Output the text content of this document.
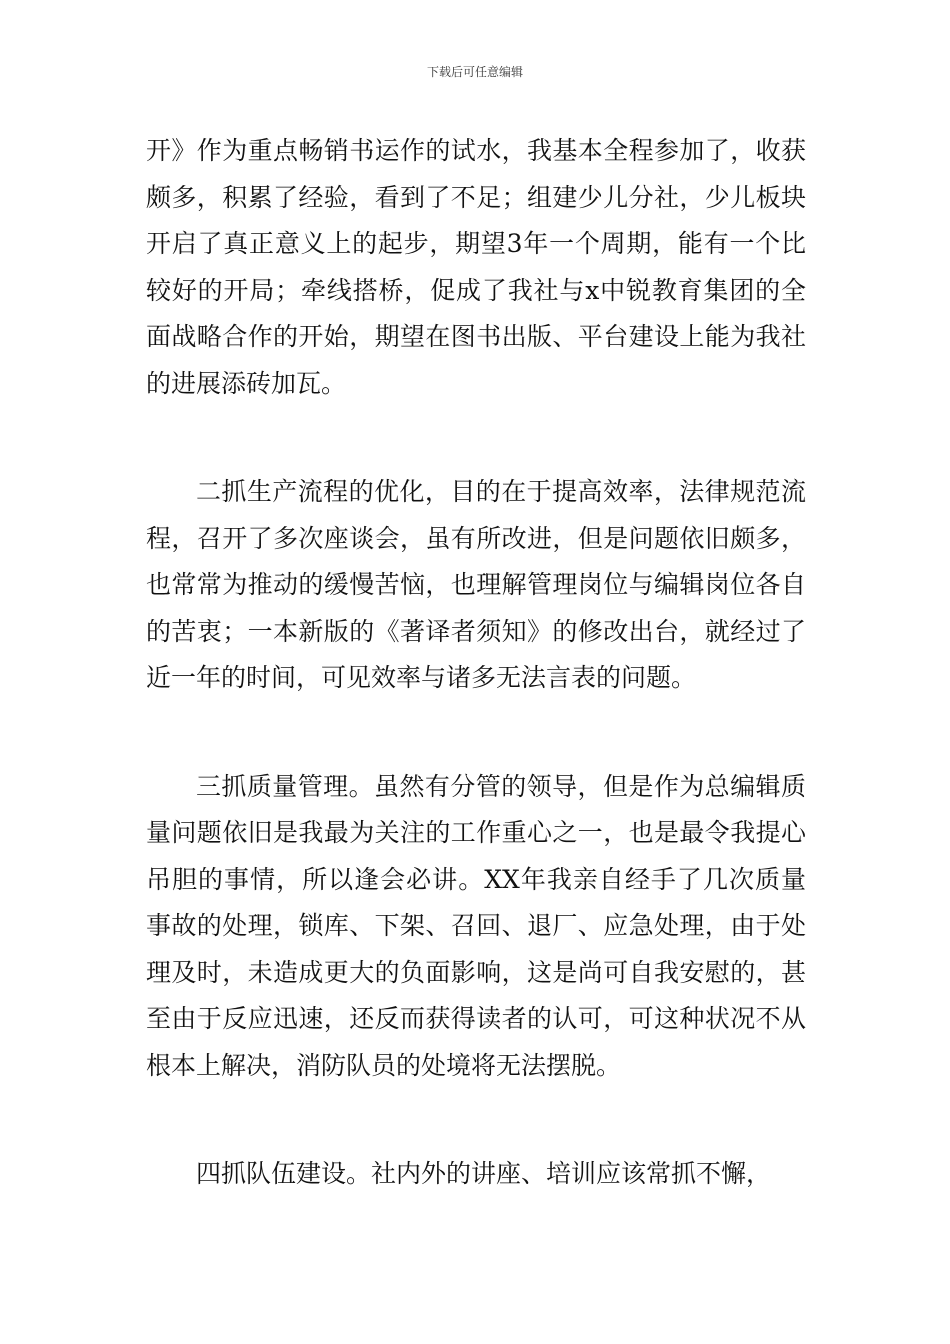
下载后可任意编辑

开》作为重点畅销书运作的试水，我基本全程参加了，收获颇多，积累了经验，看到了不足；组建少儿分社，少儿板块开启了真正意义上的起步，期望3年一个周期，能有一个比较好的开局；牵线搭桥，促成了我社与x中锐教育集团的全面战略合作的开始，期望在图书出版、平台建设上能为我社的进展添砖加瓦。

二抓生产流程的优化，目的在于提高效率，法律规范流程，召开了多次座谈会，虽有所改进，但是问题依旧颇多，也常常为推动的缓慢苦恼，也理解管理岗位与编辑岗位各自的苦衷；一本新版的《著译者须知》的修改出台，就经过了近一年的时间，可见效率与诸多无法言表的问题。

三抓质量管理。虽然有分管的领导，但是作为总编辑质量问题依旧是我最为关注的工作重心之一，也是最令我提心吊胆的事情，所以逢会必讲。XX年我亲自经手了几次质量事故的处理，锁库、下架、召回、退厂、应急处理，由于处理及时，未造成更大的负面影响，这是尚可自我安慰的，甚至由于反应迅速，还反而获得读者的认可，可这种状况不从根本上解决，消防队员的处境将无法摆脱。

四抓队伍建设。社内外的讲座、培训应该常抓不懈，
